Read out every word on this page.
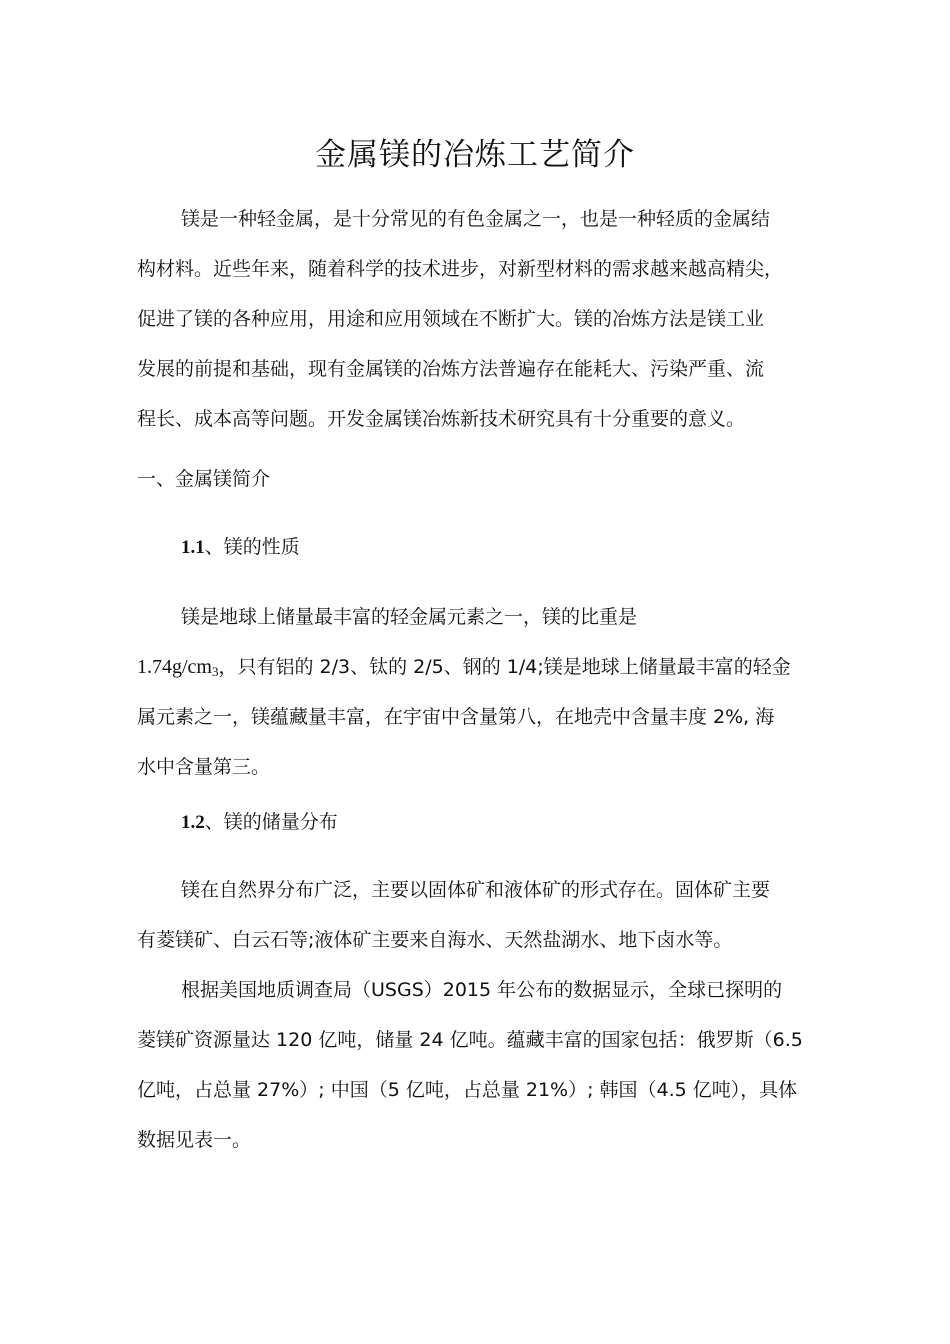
金属镁的冶炼工艺简介

镁是一种轻金属，是十分常见的有色金属之一，也是一种轻质的金属结

构材料。近些年来，随着科学的技术进步，对新型材料的需求越来越高精尖，

促进了镁的各种应用，用途和应用领域在不断扩大。镁的冶炼方法是镁工业

发展的前提和基础，现有金属镁的冶炼方法普遍存在能耗大、污染严重、流

程长、成本高等问题。开发金属镁冶炼新技术研究具有十分重要的意义。

一、金属镁简介

1.1、镁的性质

镁是地球上储量最丰富的轻金属元素之一，镁的比重是

$1.74g/cm_3$，只有铝的 2/3、钛的 2/5、钢的 1/4;镁是地球上储量最丰富的轻金

属元素之一，镁蕴藏量丰富，在宇宙中含量第八，在地壳中含量丰度 2%, 海

水中含量第三。

1.2、镁的储量分布

镁在自然界分布广泛，主要以固体矿和液体矿的形式存在。固体矿主要

有菱镁矿、白云石等;液体矿主要来自海水、天然盐湖水、地下卤水等。

根据美国地质调查局（USGS）2015 年公布的数据显示，全球已探明的

菱镁矿资源量达 120 亿吨，储量 24 亿吨。蕴藏丰富的国家包括：俄罗斯（6.5

亿吨，占总量 27%）; 中国（5 亿吨，占总量 21%）; 韩国（4.5 亿吨），具体

数据见表一。
